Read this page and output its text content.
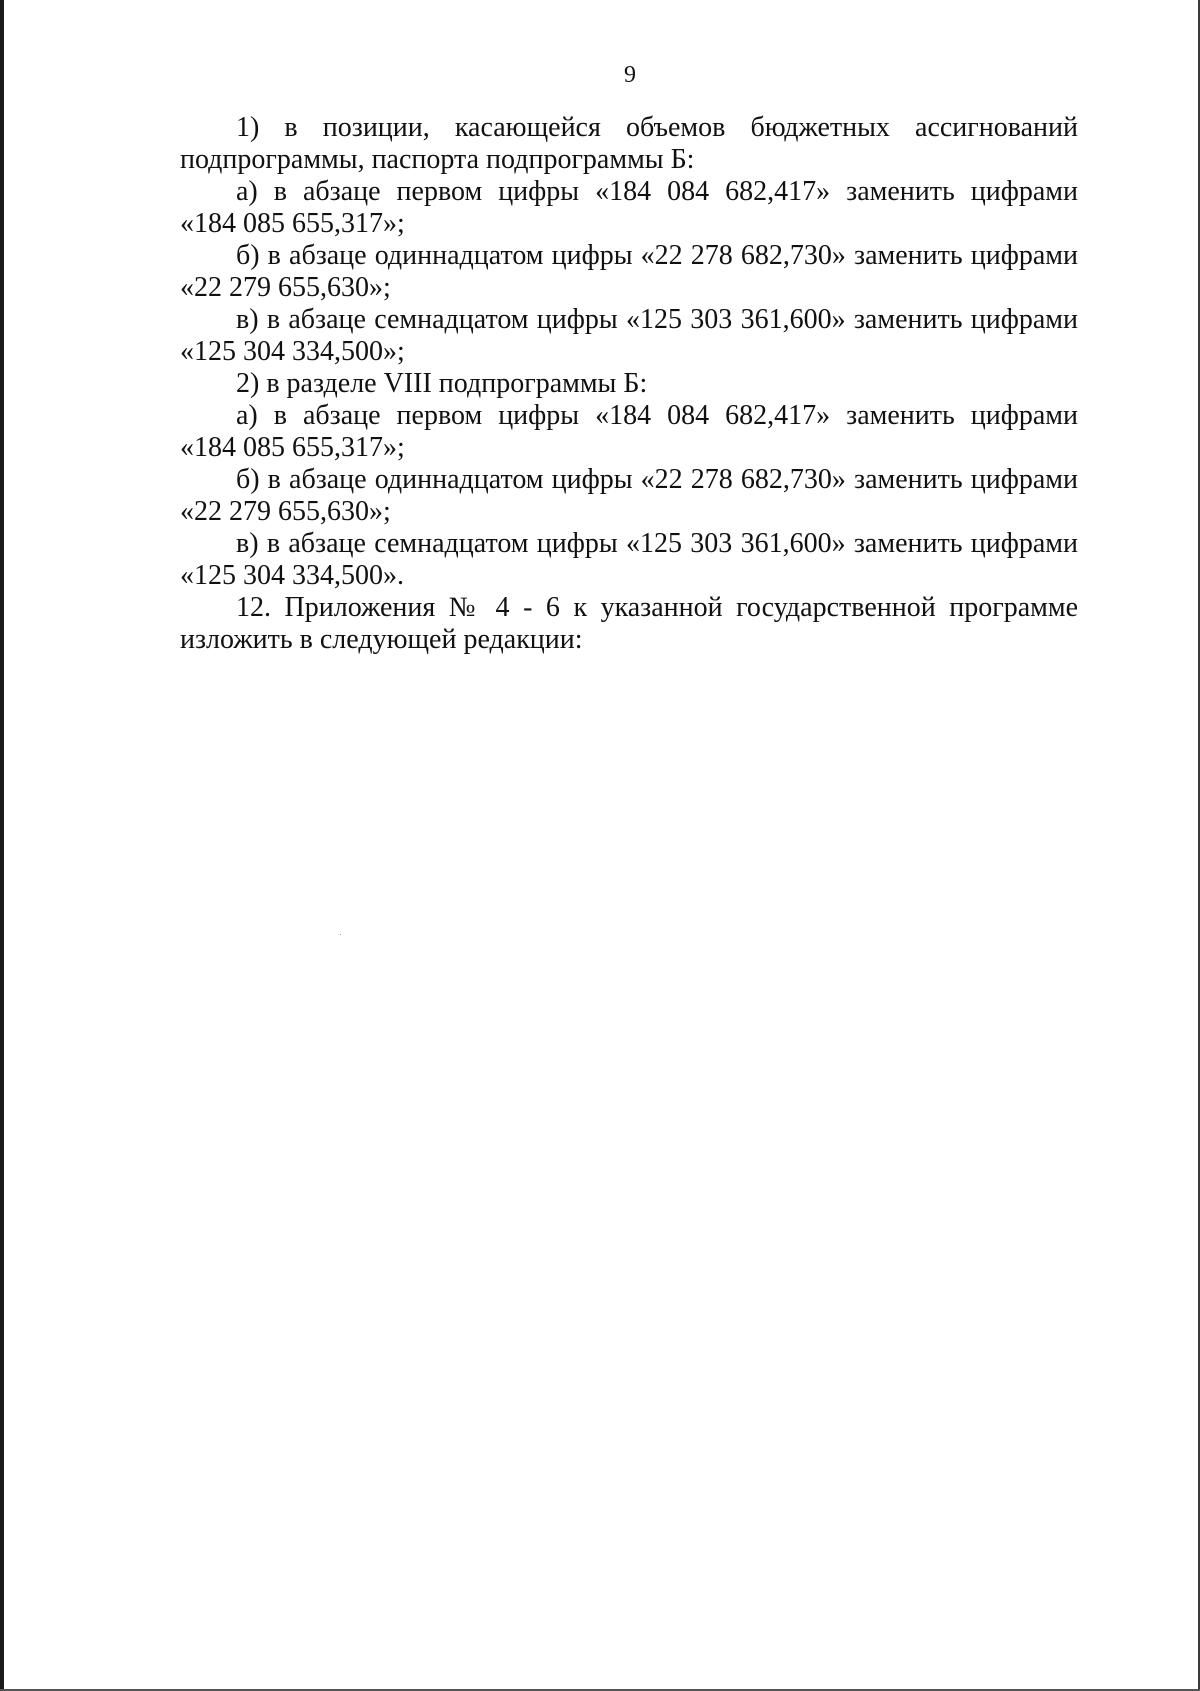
9
1) в позиции, касающейся объемов бюджетных ассигнований
подпрограммы, паспорта подпрограммы Б:
а) в абзаце первом цифры «184 084 682,417» заменить цифрами
«184 085 655,317»;
б) в абзаце одиннадцатом цифры «22 278 682,730» заменить цифрами
«22 279 655,630»;
в) в абзаце семнадцатом цифры «125 303 361,600» заменить цифрами
«125 304 334,500»;
2) в разделе VIII подпрограммы Б:
а) в абзаце первом цифры «184 084 682,417» заменить цифрами
«184 085 655,317»;
б) в абзаце одиннадцатом цифры «22 278 682,730» заменить цифрами
«22 279 655,630»;
в) в абзаце семнадцатом цифры «125 303 361,600» заменить цифрами
«125 304 334,500».
12. Приложения № 4 - 6 к указанной государственной программе
изложить в следующей редакции:
